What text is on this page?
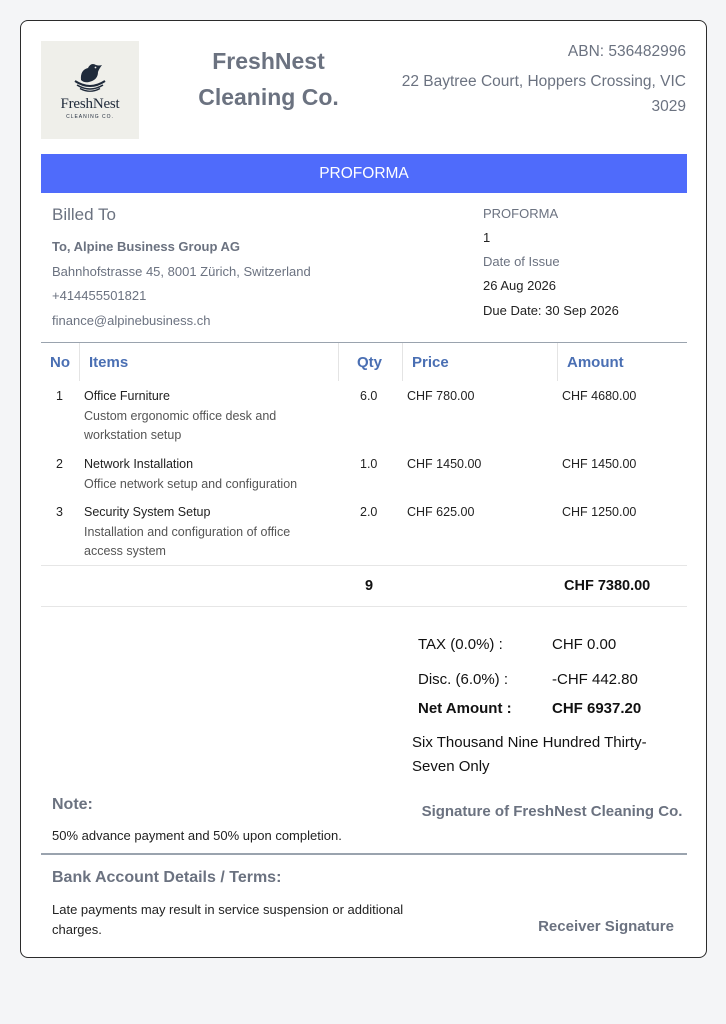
FreshNest
CLEANING CO.
FreshNest
Cleaning Co.
ABN: 536482996
22 Baytree Court, Hoppers Crossing, VIC 3029
PROFORMA
Billed To
To, Alpine Business Group AG
Bahnhofstrasse 45, 8001 Zürich, Switzerland
+414455501821
finance@alpinebusiness.ch
PROFORMA
1
Date of Issue
26 Aug 2026
Due Date: 30 Sep 2026
No Items	Qty Price	Amount
1 Office Furniture
Custom ergonomic office desk and workstation setup
6.0 CHF 780.00	CHF 4680.00
2 Network Installation
Office network setup and configuration
1.0 CHF 1450.00	CHF 1450.00
3 Security System Setup
Installation and configuration of office access system
2.0 CHF 625.00	CHF 1250.00
9	CHF 7380.00
TAX (0.0%) :	CHF 0.00
Disc. (6.0%) :	-CHF 442.80
Net Amount :	CHF 6937.20
Six Thousand Nine Hundred Thirty-Seven Only
Note:
50% advance payment and 50% upon completion.
Signature of FreshNest Cleaning Co.
Bank Account Details / Terms:
Late payments may result in service suspension or additional charges.	Receiver Signature
